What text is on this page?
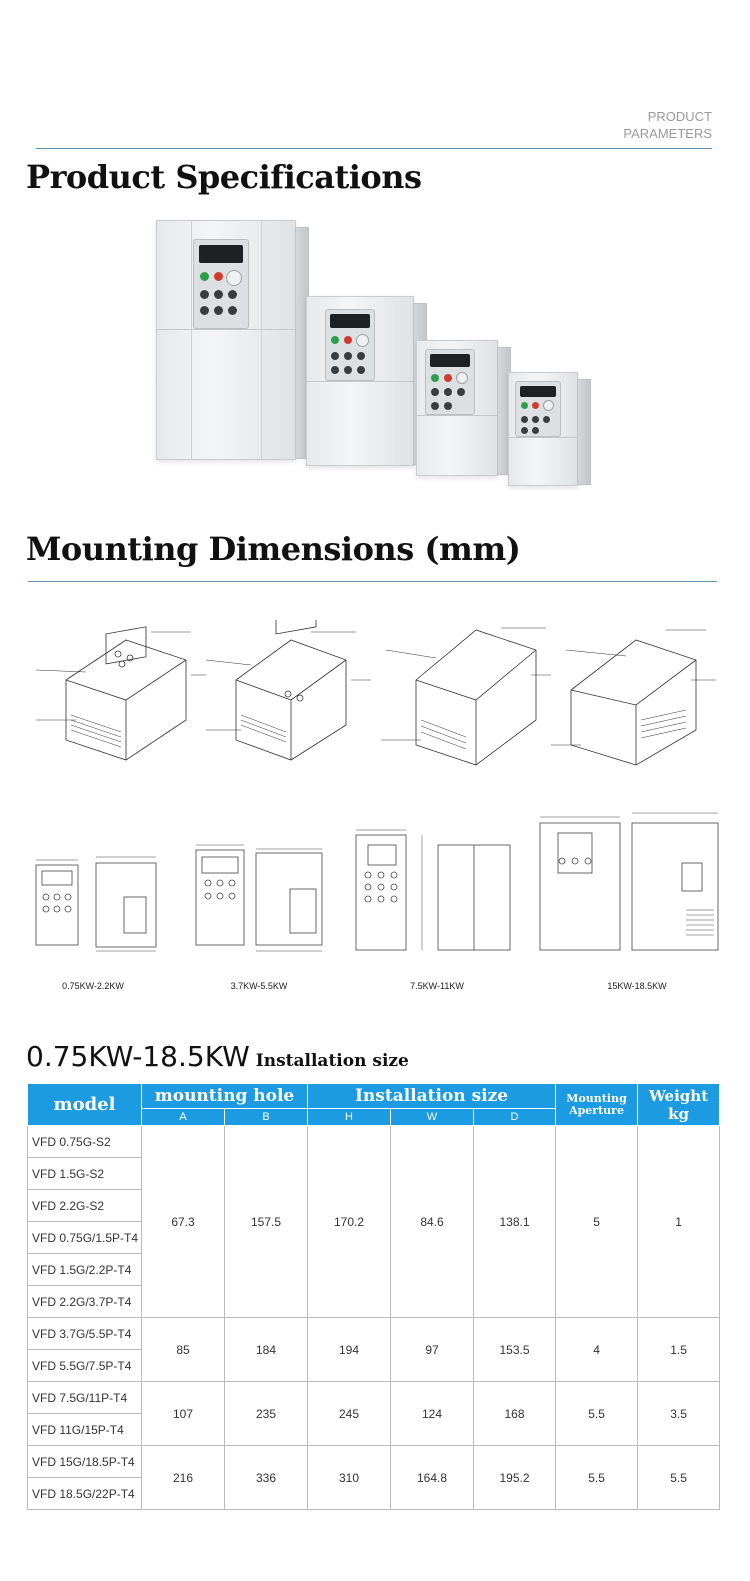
PRODUCT
PARAMETERS
Product Specifications
Mounting Dimensions (mm)
0.75KW-2.2KW	3.7KW-5.5KW	7.5KW-11KW	15KW-18.5KW
0.75KW-18.5KW Installation size
model	mounting hole		Installation size			Mounting Aperture	Weight kg
	A	B	H	W	D		
VFD 0.75G-S2	67.3	157.5	170.2	84.6	138.1	5	1
VFD 1.5G-S2							
VFD 2.2G-S2							
VFD 0.75G/1.5P-T4							
VFD 1.5G/2.2P-T4							
VFD 2.2G/3.7P-T4							
VFD 3.7G/5.5P-T4	85	184	194	97	153.5	4	1.5
VFD 5.5G/7.5P-T4							
VFD 7.5G/11P-T4	107	235	245	124	168	5.5	3.5
VFD 11G/15P-T4							
VFD 15G/18.5P-T4	216	336	310	164.8	195.2	5.5	5.5
VFD 18.5G/22P-T4							
